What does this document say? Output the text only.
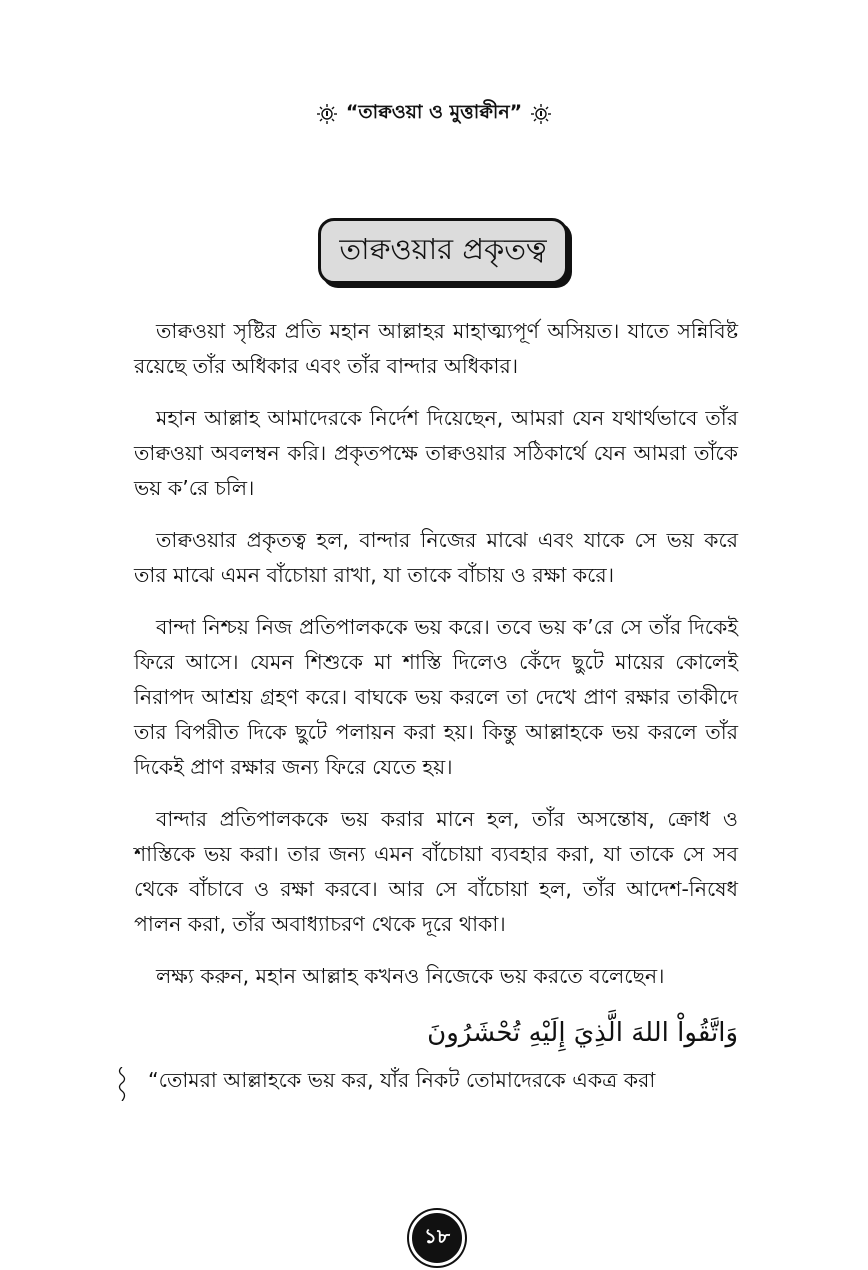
“তাক্বওয়া ও মুত্তাক্বীন”
তাক্বওয়ার প্রকৃতত্ব

তাক্বওয়া সৃষ্টির প্রতি মহান আল্লাহর মাহাত্ম্যপূর্ণ অসিয়ত। যাতে সন্নিবিষ্ট রয়েছে তাঁর অধিকার এবং তাঁর বান্দার অধিকার।

মহান আল্লাহ আমাদেরকে নির্দেশ দিয়েছেন, আমরা যেন যথার্থভাবে তাঁর তাক্বওয়া অবলম্বন করি। প্রকৃতপক্ষে তাক্বওয়ার সঠিকার্থে যেন আমরা তাঁকে ভয় ক’রে চলি।

তাক্বওয়ার প্রকৃতত্ব হল, বান্দার নিজের মাঝে এবং যাকে সে ভয় করে তার মাঝে এমন বাঁচোয়া রাখা, যা তাকে বাঁচায় ও রক্ষা করে।

বান্দা নিশ্চয় নিজ প্রতিপালককে ভয় করে। তবে ভয় ক’রে সে তাঁর দিকেই ফিরে আসে। যেমন শিশুকে মা শাস্তি দিলেও কেঁদে ছুটে মায়ের কোলেই নিরাপদ আশ্রয় গ্রহণ করে। বাঘকে ভয় করলে তা দেখে প্রাণ রক্ষার তাকীদে তার বিপরীত দিকে ছুটে পলায়ন করা হয়। কিন্তু আল্লাহকে ভয় করলে তাঁর দিকেই প্রাণ রক্ষার জন্য ফিরে যেতে হয়।

বান্দার প্রতিপালককে ভয় করার মানে হল, তাঁর অসন্তোষ, ক্রোধ ও শাস্তিকে ভয় করা। তার জন্য এমন বাঁচোয়া ব্যবহার করা, যা তাকে সে সব থেকে বাঁচাবে ও রক্ষা করবে। আর সে বাঁচোয়া হল, তাঁর আদেশ-নিষেধ পালন করা, তাঁর অবাধ্যাচরণ থেকে দূরে থাকা।

লক্ষ্য করুন, মহান আল্লাহ কখনও নিজেকে ভয় করতে বলেছেন।

وَاتَّقُواْ اللهَ الَّذِيَ إِلَيْهِ تُحْشَرُونَ
“তোমরা আল্লাহকে ভয় কর, যাঁর নিকট তোমাদেরকে একত্র করা
১৮
